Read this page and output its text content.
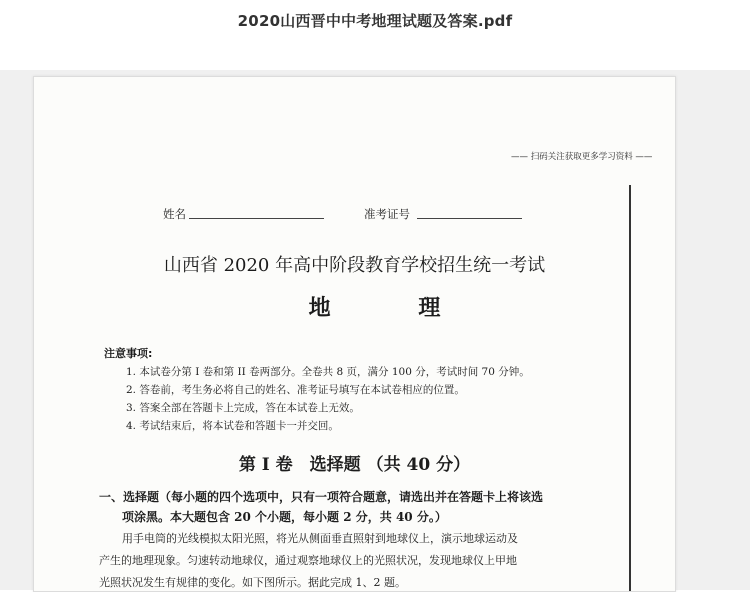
2020山西晋中中考地理试题及答案.pdf
—— 扫码关注获取更多学习资料 ——
姓名	准考证号
山西省 2020 年高中阶段教育学校招生统一考试
地 理
注意事项:
1. 本试卷分第 I 卷和第 II 卷两部分。全卷共 8 页，满分 100 分，考试时间 70 分钟。
2. 答卷前，考生务必将自己的姓名、准考证号填写在本试卷相应的位置。
3. 答案全部在答题卡上完成，答在本试卷上无效。
4. 考试结束后，将本试卷和答题卡一并交回。
第 I 卷　选择题 （共 40 分）
一、选择题（每小题的四个选项中，只有一项符合题意，请选出并在答题卡上将该选
项涂黑。本大题包含 20 个小题，每小题 2 分，共 40 分。）
用手电筒的光线模拟太阳光照，将光从侧面垂直照射到地球仪上，演示地球运动及
产生的地理现象。匀速转动地球仪，通过观察地球仪上的光照状况，发现地球仪上甲地
光照状况发生有规律的变化。如下图所示。据此完成 1、2 题。
